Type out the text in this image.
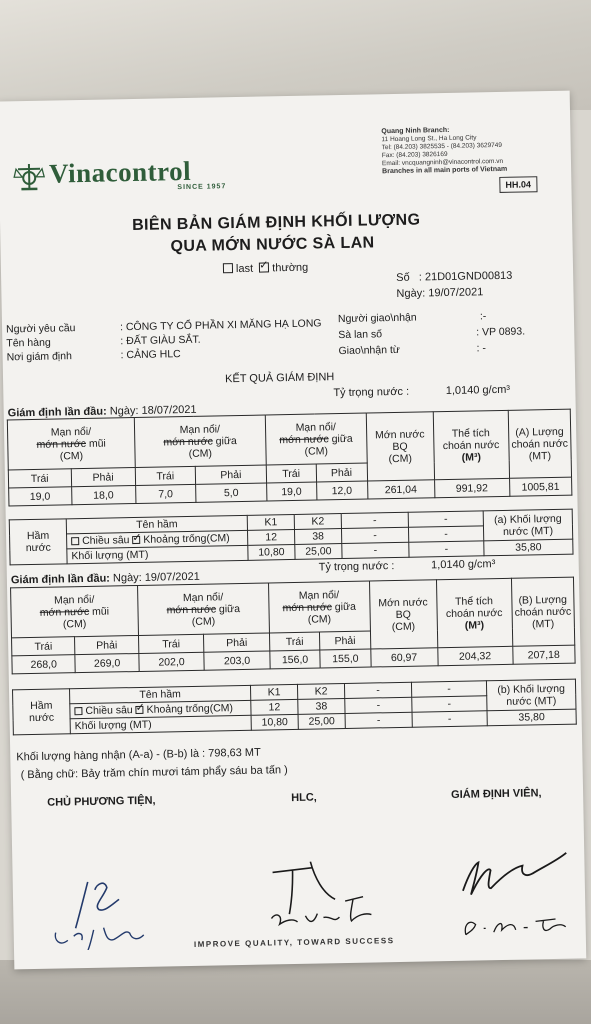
Vinacontrol
SINCE 1957
Quang Ninh Branch:
11 Hoang Long St., Ha Long City
Tel: (84.203) 3825535 - (84.203) 3629749
Fax: (84.203) 3826169
Email: vncquangninh@vinacontrol.com.vn
Branches in all main ports of Vietnam
HH.04
BIÊN BẢN GIÁM ĐỊNH KHỐI LƯỢNG
QUA MỚN NƯỚC SÀ LAN
last ✓ thường
Số : 21D01GND00813
Ngày: 19/07/2021
Người yêu cầu	: CÔNG TY CỔ PHẦN XI MĂNG HẠ LONG
Tên hàng	: ĐẤT GIÀU SẮT.
Nơi giám định	: CẢNG HLC
Người giao\nhận	:-
Sà lan số	: VP 0893.
Giao\nhận từ	: -
KẾT QUẢ GIÁM ĐỊNH
Tỷ trọng nước :	1,0140 g/cm³
Giám định lần đầu: Ngày: 18/07/2021
Mạn nổi/
mớn nước mũi
(CM)		Mạn nổi/
mớn nước giữa
(CM)		Mạn nổi/
mớn nước giữa
(CM)		Mớn nước
BQ
(CM)	Thể tích
choán nước
(M³)	(A) Lượng
choán nước
(MT)
Trái	Phải	Trái	Phải	Trái	Phải			
19,0	18,0	7,0	5,0	19,0	12,0	261,04	991,92	1005,81
Hầm
nước	Tên hầm	K1	K2	-	-	(a) Khối lượng nước (MT)
	Chiều sâu ✓ Khoảng trống(CM)	12	38	-	-	
	Khối lượng (MT)	10,80	25,00	-	-	35,80
Giám định lần đầu: Ngày: 19/07/2021
Tỷ trọng nước :	1,0140 g/cm³
Mạn nổi/
mớn nước mũi
(CM)		Mạn nổi/
mớn nước giữa
(CM)		Mạn nổi/
mớn nước giữa
(CM)		Mớn nước
BQ
(CM)	Thể tích
choán nước
(M³)	(B) Lượng
choán nước
(MT)
Trái	Phải	Trái	Phải	Trái	Phải			
268,0	269,0	202,0	203,0	156,0	155,0	60,97	204,32	207,18
Hầm
nước	Tên hầm	K1	K2	-	-	(b) Khối lượng nước (MT)
	Chiều sâu ✓ Khoảng trống(CM)	12	38	-	-	
	Khối lượng (MT)	10,80	25,00	-	-	35,80
Khối lượng hàng nhận (A-a) - (B-b) là : 798,63 MT
( Bằng chữ: Bảy trăm chín mươi tám phẩy sáu ba tấn )
CHỦ PHƯƠNG TIỆN,	HLC,	GIÁM ĐỊNH VIÊN,
IMPROVE QUALITY, TOWARD SUCCESS
